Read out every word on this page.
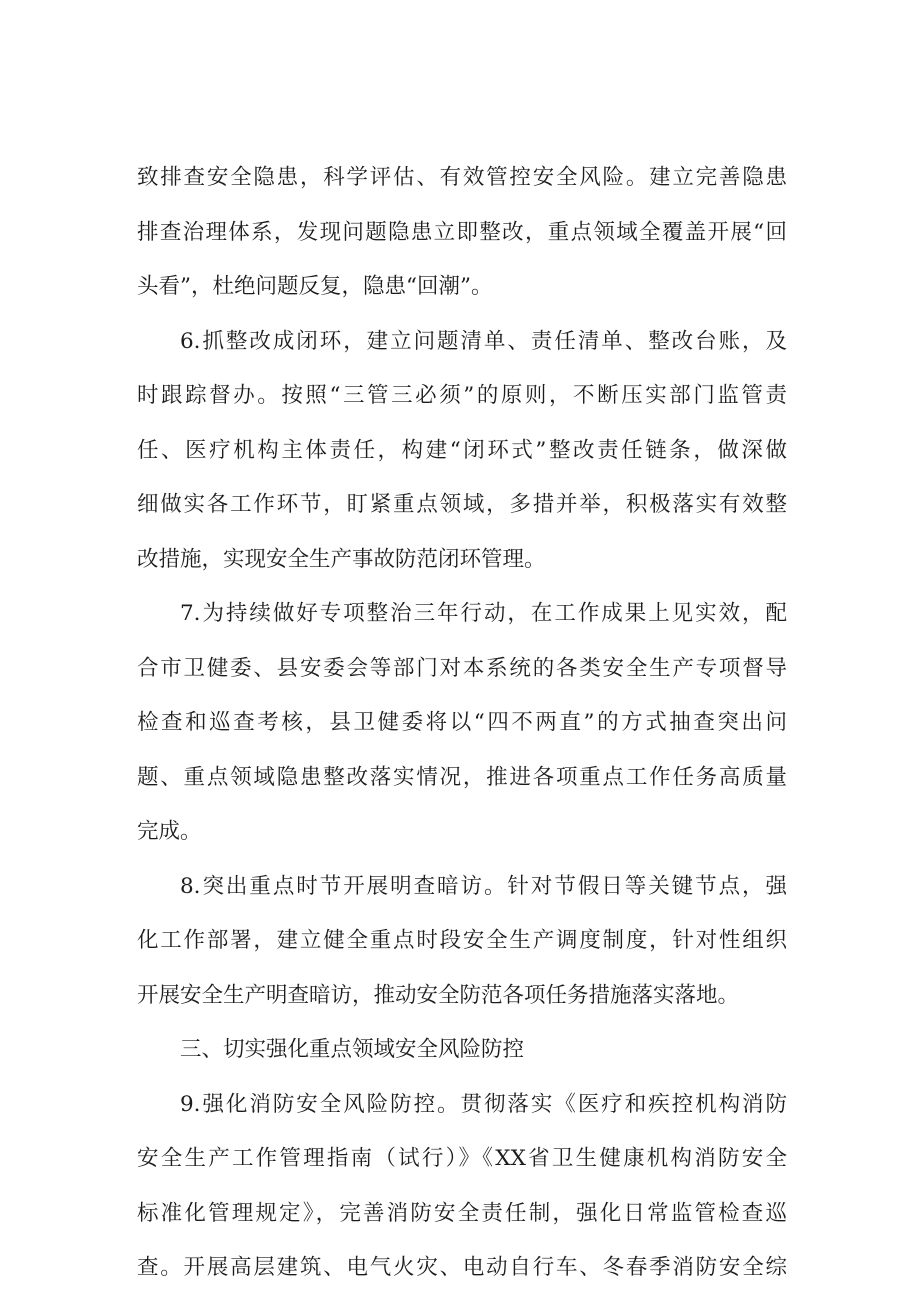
致排查安全隐患，科学评估、有效管控安全风险。建立完善隐患
排查治理体系，发现问题隐患立即整改，重点领域全覆盖开展“回
头看”，杜绝问题反复，隐患“回潮”。
6.抓整改成闭环，建立问题清单、责任清单、整改台账，及
时跟踪督办。按照“三管三必须”的原则，不断压实部门监管责
任、医疗机构主体责任，构建“闭环式”整改责任链条，做深做
细做实各工作环节，盯紧重点领域，多措并举，积极落实有效整
改措施，实现安全生产事故防范闭环管理。
7.为持续做好专项整治三年行动，在工作成果上见实效，配
合市卫健委、县安委会等部门对本系统的各类安全生产专项督导
检查和巡查考核，县卫健委将以“四不两直”的方式抽查突出问
题、重点领域隐患整改落实情况，推进各项重点工作任务高质量
完成。
8.突出重点时节开展明查暗访。针对节假日等关键节点，强
化工作部署，建立健全重点时段安全生产调度制度，针对性组织
开展安全生产明查暗访，推动安全防范各项任务措施落实落地。
三、切实强化重点领域安全风险防控
9.强化消防安全风险防控。贯彻落实《医疗和疾控机构消防
安全生产工作管理指南（试行）》《XX省卫生健康机构消防安全
标准化管理规定》，完善消防安全责任制，强化日常监管检查巡
查。开展高层建筑、电气火灾、电动自行车、冬春季消防安全综
